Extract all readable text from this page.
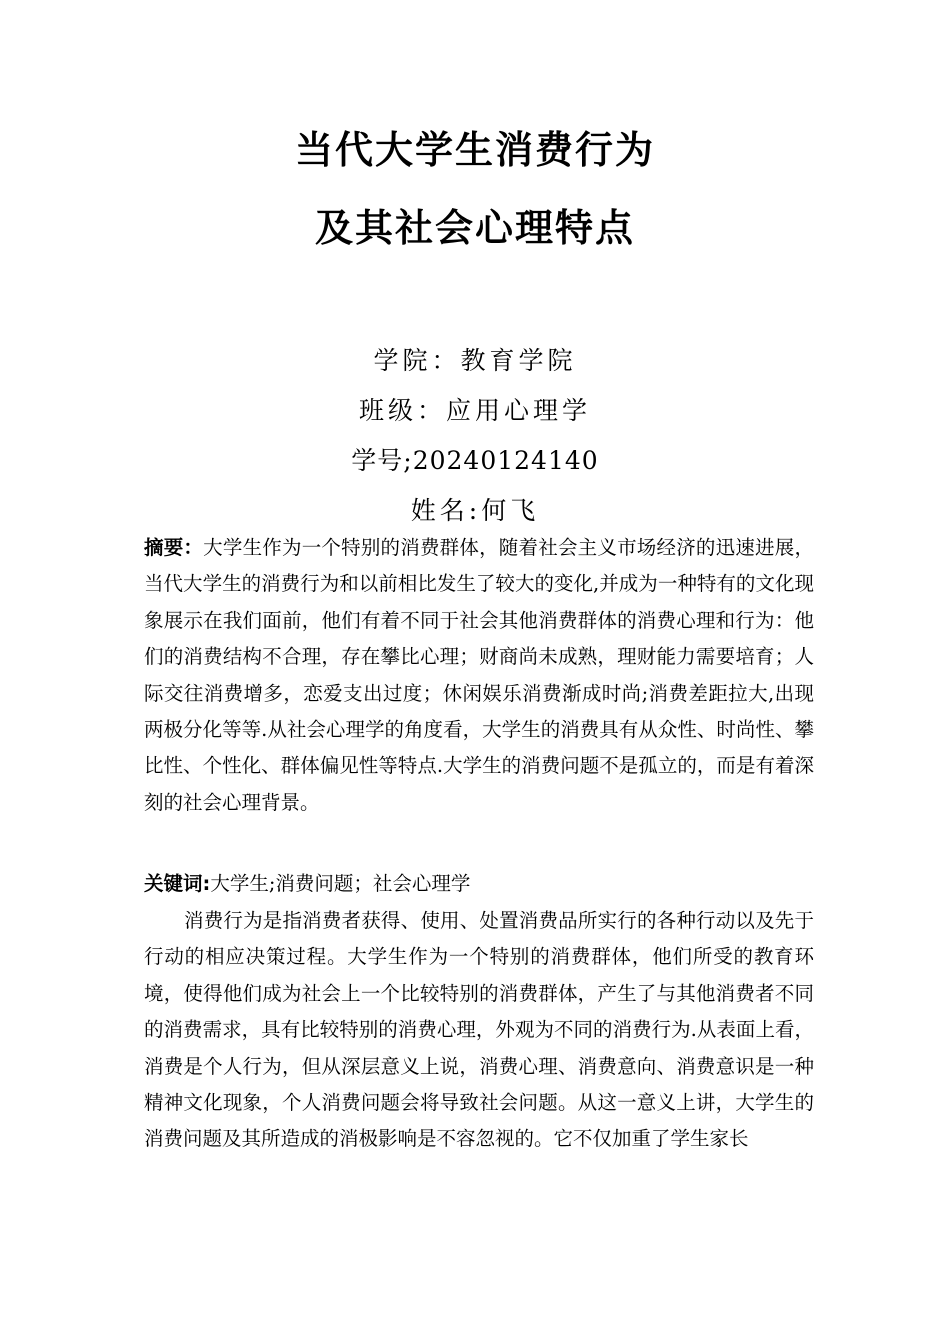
当代大学生消费行为
及其社会心理特点
学院：教育学院
班级：应用心理学
学号;20240124140
姓名:何飞
摘要：大学生作为一个特别的消费群体，随着社会主义市场经济的迅速进展，当代大学生的消费行为和以前相比发生了较大的变化,并成为一种特有的文化现象展示在我们面前，他们有着不同于社会其他消费群体的消费心理和行为：他们的消费结构不合理，存在攀比心理；财商尚未成熟，理财能力需要培育；人际交往消费增多，恋爱支出过度；休闲娱乐消费渐成时尚;消费差距拉大,出现两极分化等等.从社会心理学的角度看，大学生的消费具有从众性、时尚性、攀比性、个性化、群体偏见性等特点.大学生的消费问题不是孤立的，而是有着深刻的社会心理背景。
关键词:大学生;消费问题；社会心理学
消费行为是指消费者获得、使用、处置消费品所实行的各种行动以及先于行动的相应决策过程。大学生作为一个特别的消费群体，他们所受的教育环境，使得他们成为社会上一个比较特别的消费群体，产生了与其他消费者不同的消费需求，具有比较特别的消费心理，外观为不同的消费行为.从表面上看，消费是个人行为，但从深层意义上说，消费心理、消费意向、消费意识是一种精神文化现象，个人消费问题会将导致社会问题。从这一意义上讲，大学生的消费问题及其所造成的消极影响是不容忽视的。它不仅加重了学生家长
